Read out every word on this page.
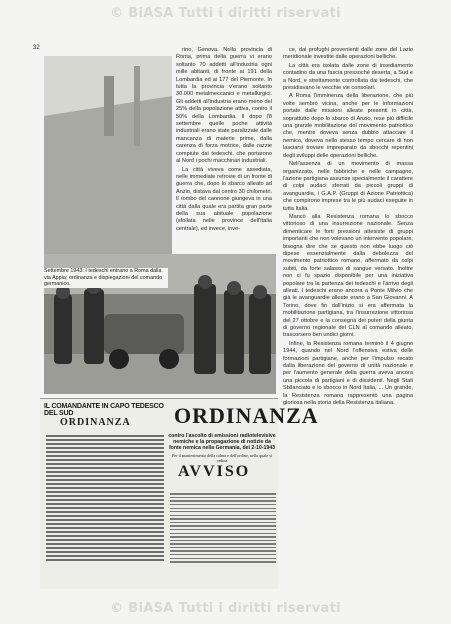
© BiASA Tutti i diritti riservati
32	rino, Genova. Nella provincia di Roma, prima della guerra vi erano soltanto 70 addetti all'industria ogni mille abitanti, di fronte ai 191 della Lombardia ed ai 177 del Piemonte. In tutta la provincia v'erano soltanto 30.000 metalmeccanici e metallurgici. Gli addetti all'industria erano meno del 25% della popolazione attiva, contro il 50% della Lombardia. Il dopo l'8 settembre quelle poche attività industriali erano state paralizzate dalle mancanza di materie prime, dalla carenza di forza motrice, dalle razzie compiute dai tedeschi, che portarono al Nord i pochi macchinari industriali.

La città viveva come assediata, nelle immediate retrovie di un fronte di guerra che, dopo lo sbarco alleato ad Anzio, distava dal centro 30 chilometri. Il rombo del cannone giungeva in una città dalla quale era partita gran parte della sua abituale popolazione (sfollata nelle province dell'Italia centrale), ed invece, inve-

Settembre 1943: I tedeschi entrano a Roma dalla via Appia; ordinanza e dispiegazioni del comando germanico.
IL COMANDANTE IN CAPO TEDESCO DEL SUD
ORDINANZA ORDINANZA
contro l'ascolto di emissioni radiotelevisive nemiche e la propagazione di notizie da fonte nemica nella Germania, del 2-10-1943
Per il mantenimento della calma e dell'ordine, nella quale si ordina
AVVISO

ce, dai profughi provenienti dalle zone del Lazio meridionale investite dalle operazioni belliche.

La città era isolata dalle zone di insediamento contadino da una fascia pressoché deserta, a Sud e a Nord, e strettamente controllata dai tedeschi, che presidiavano le vecchie vie consolari.

A Roma l'imminenza della liberazione, che più volte sembrò vicina, anche per le informazioni portate dalle missioni alleate presenti in città, soprattutto dopo lo sbarco di Anzio, rese più difficile una grande mobilitazione del movimento patriottico che, mentre doveva senza dubbio attaccare il nemico, doveva nello stesso tempo cercare di non lasciarsi trovare impreparato da sbocchi repentini degli sviluppi delle operazioni belliche.

Nell'assenza di un movimento di massa organizzato, nelle fabbriche e nelle campagne, l'azione partigiana assunse specialmente il carattere di colpi audaci sferrati da piccoli gruppi di avanguardia, i G.A.P. (Gruppi di Azione Patriottica) che compirono imprese tra le più audaci eseguite in tutta Italia.

Mancò alla Resistenza romana lo sbocco vittorioso di una insurrezione nazionale. Senza dimenticare le forti pressioni attesiste di gruppi importanti che non volevano un intervento popolare, bisogna dire che se questo non ebbe luogo ciò dipese essenzialmente dalla debolezza del movimento patriottico romano, affermato da colpi subiti, da forte salasso di sangue versato. Inoltre non ci fu spazio disponibile per una iniziativa popolare tra la partenza dei tedeschi e l'arrivo degli alleati. I tedeschi erano ancora a Ponte Milvio che già le avanguardie alleate erano a San Giovanni. A Torino, dove fin dall'inizio si era affermata la mobilitazione partigiana, tra l'insurrezione vittoriosa del 27 ottobre e la consegna dei poteri della giunta di governo regionale del CLN al comando alleato, trascorsero ben undici giorni.

Infine, la Resistenza romana terminò il 4 giugno 1944, quando nel Nord l'offensiva estiva delle formazioni partigiane, anche per l'impulso recato dalla liberazione del governo di unità nazionale e per l'aumento generale della guerra aveva ancora una piccola di partigiani e di dissidenti. Negli Stati Sbilanciato e lo sbocco in Nord Italia, ... Un grande, la Resistenza romana rappresentò una pagina gloriosa nella storia della Resistenza italiana.

© BiASA Tutti i diritti riservati
